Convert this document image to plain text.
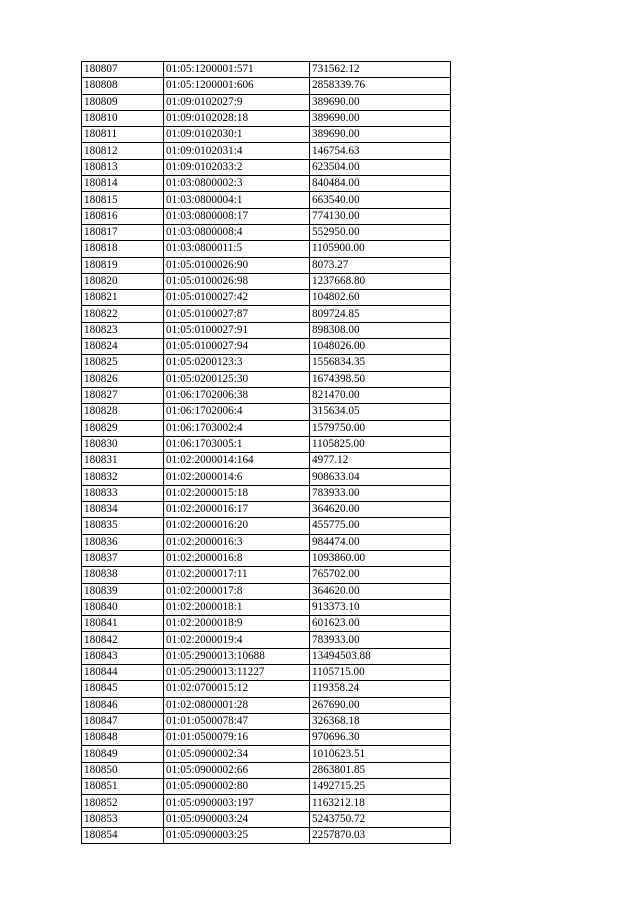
180807	01:05:1200001:571	731562.12
180808	01:05:1200001:606	2858339.76
180809	01:09:0102027:9	389690.00
180810	01:09:0102028:18	389690.00
180811	01:09:0102030:1	389690.00
180812	01:09:0102031:4	146754.63
180813	01:09:0102033:2	623504.00
180814	01:03:0800002:3	840484.00
180815	01:03:0800004:1	663540.00
180816	01:03:0800008:17	774130.00
180817	01:03:0800008:4	552950.00
180818	01:03:0800011:5	1105900.00
180819	01:05:0100026:90	8073.27
180820	01:05:0100026:98	1237668.80
180821	01:05:0100027:42	104802.60
180822	01:05:0100027:87	809724.85
180823	01:05:0100027:91	898308.00
180824	01:05:0100027:94	1048026.00
180825	01:05:0200123:3	1556834.35
180826	01:05:0200125:30	1674398.50
180827	01:06:1702006:38	821470.00
180828	01:06:1702006:4	315634.05
180829	01:06:1703002:4	1579750.00
180830	01:06:1703005:1	1105825.00
180831	01:02:2000014:164	4977.12
180832	01:02:2000014:6	908633.04
180833	01:02:2000015:18	783933.00
180834	01:02:2000016:17	364620.00
180835	01:02:2000016:20	455775.00
180836	01:02:2000016:3	984474.00
180837	01:02:2000016:8	1093860.00
180838	01:02:2000017:11	765702.00
180839	01:02:2000017:8	364620.00
180840	01:02:2000018:1	913373.10
180841	01:02:2000018:9	601623.00
180842	01:02:2000019:4	783933.00
180843	01:05:2900013:10688	13494503.88
180844	01:05:2900013:11227	1105715.00
180845	01:02:0700015:12	119358.24
180846	01:02:0800001:28	267690.00
180847	01:01:0500078:47	326368.18
180848	01:01:0500079:16	970696.30
180849	01:05:0900002:34	1010623.51
180850	01:05:0900002:66	2863801.85
180851	01:05:0900002:80	1492715.25
180852	01:05:0900003:197	1163212.18
180853	01:05:0900003:24	5243750.72
180854	01:05:0900003:25	2257870.03
